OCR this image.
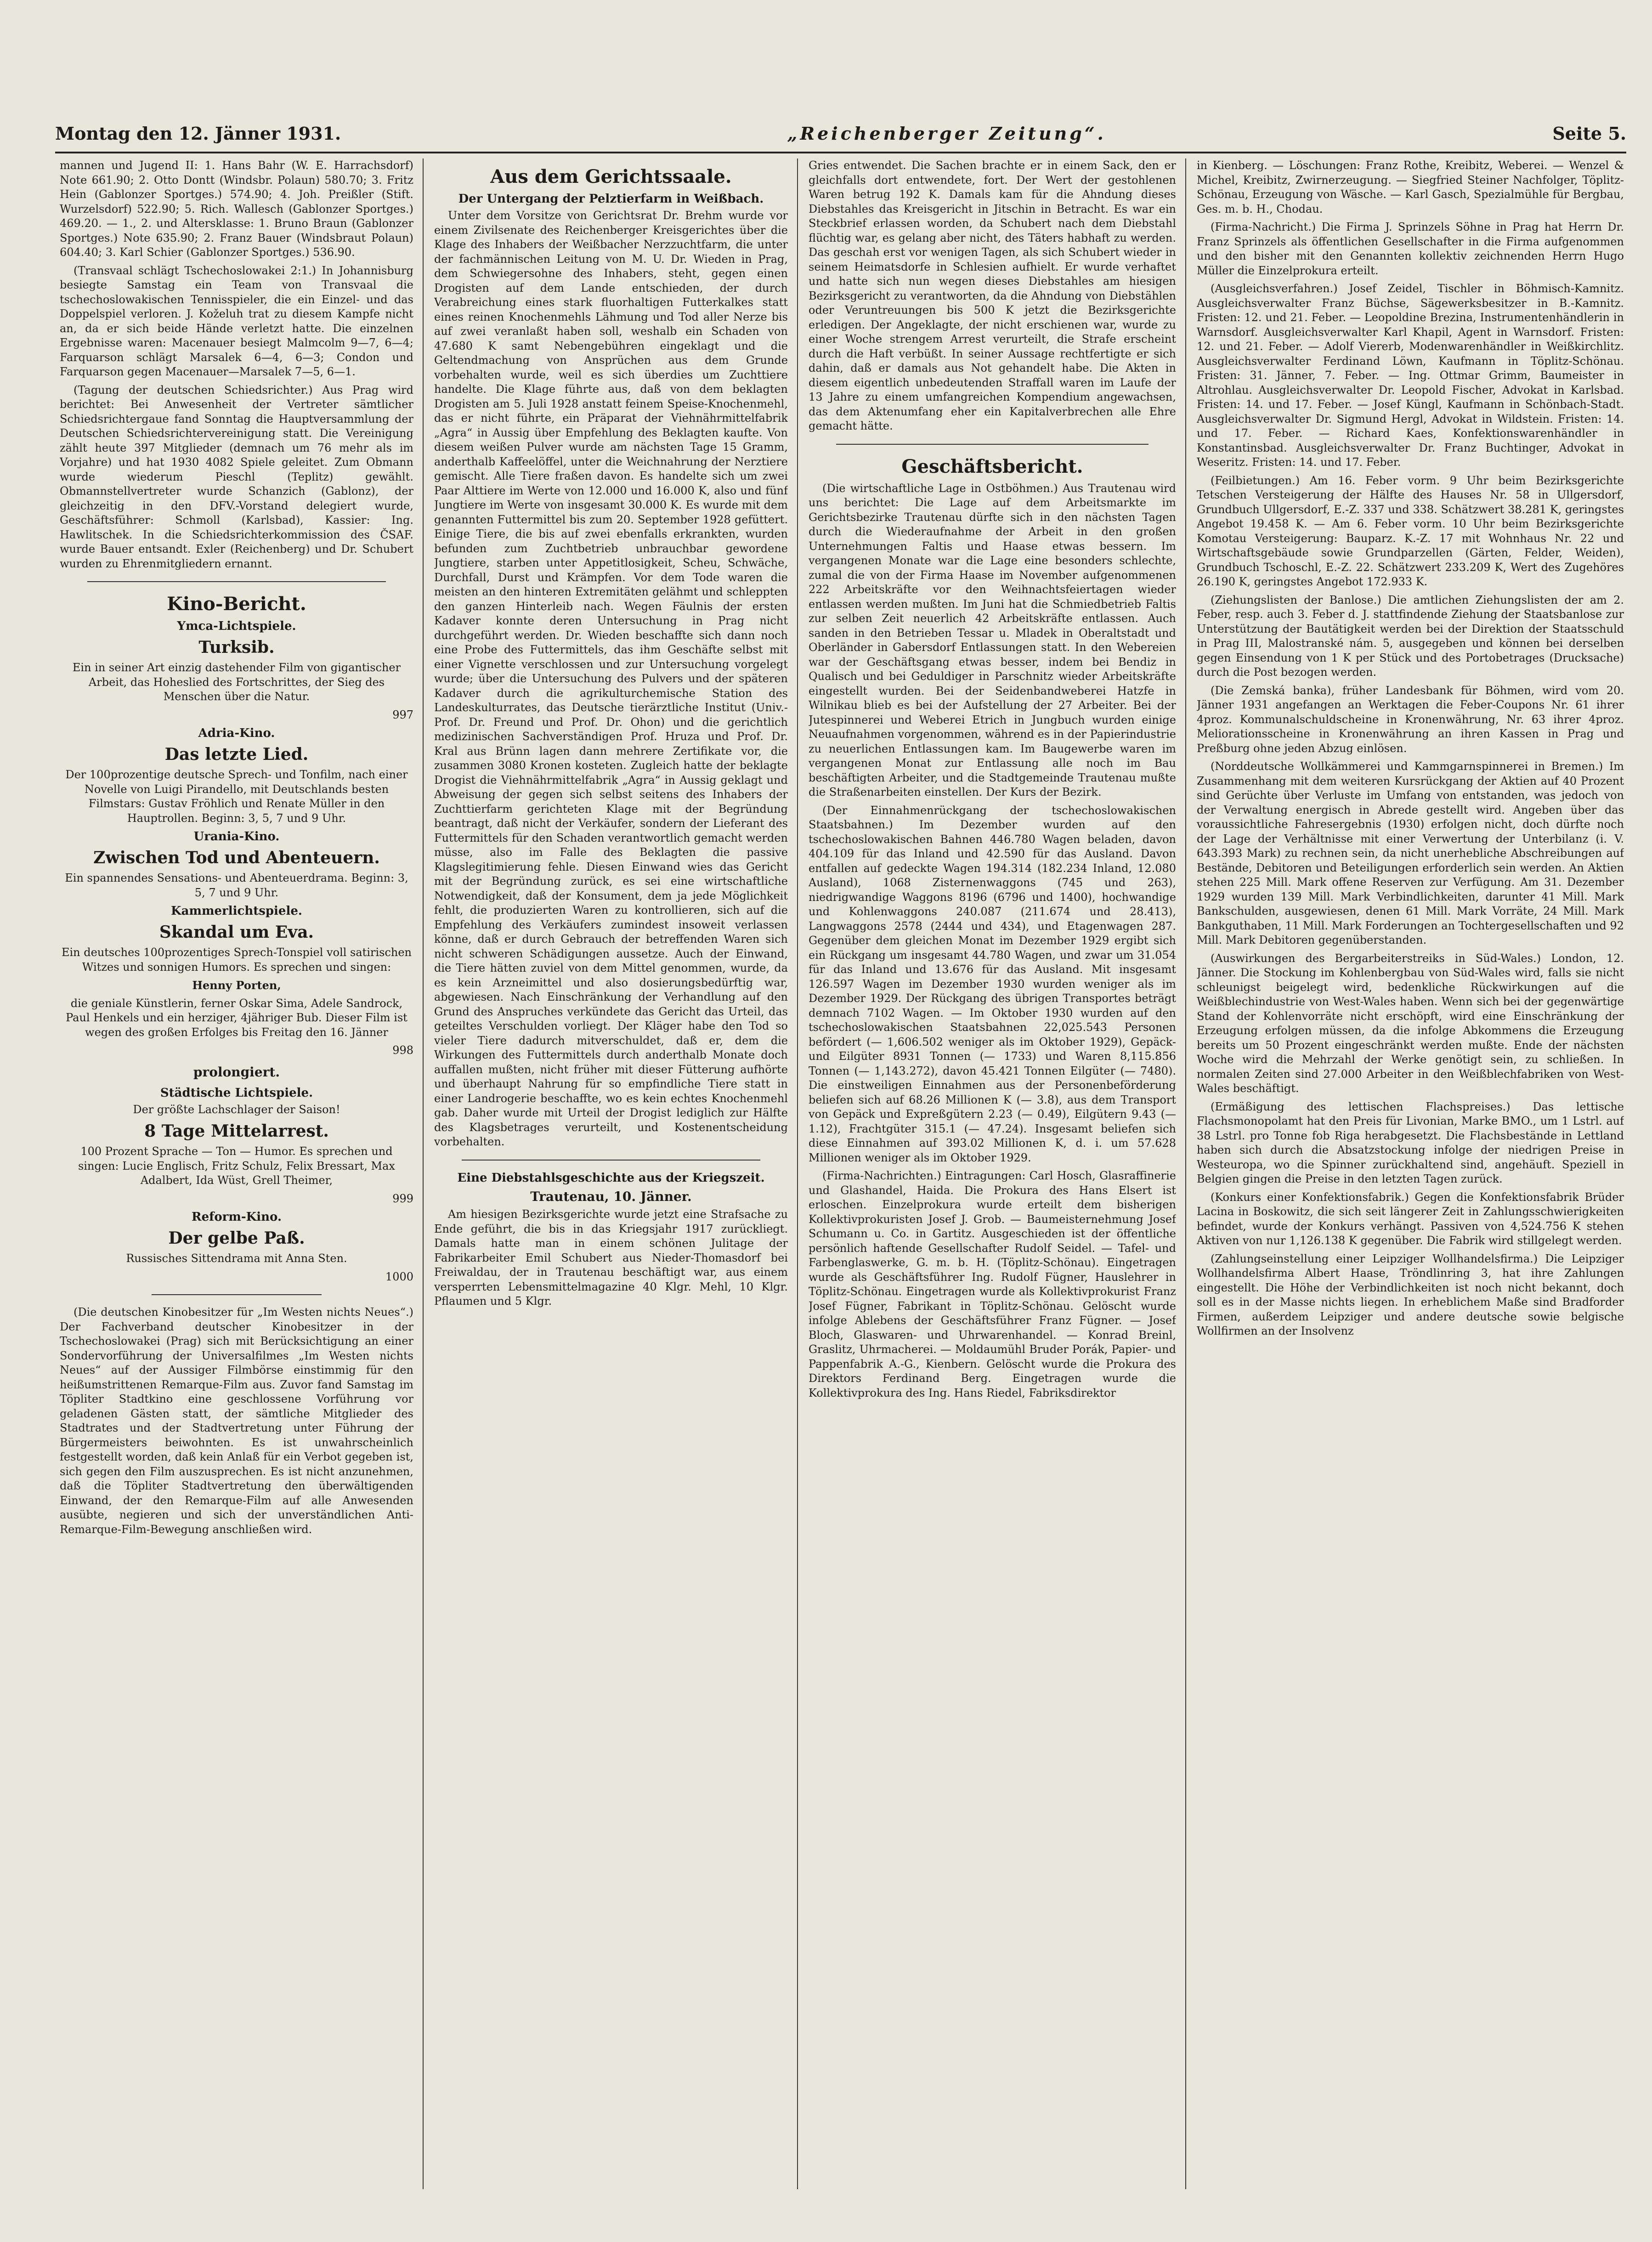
Montag den 12. Jänner 1931.	„Reichenberger Zeitung“.	Seite 5.

mannen und Jugend II: 1. Hans Bahr (W. E. Harrachsdorf) Note 661.90; 2. Otto Dontt (Windsbr. Polaun) 580.70; 3. Fritz Hein (Gablonzer Sportges.) 574.90; 4. Joh. Preißler (Stift. Wurzelsdorf) 522.90; 5. Rich. Wallesch (Gablonzer Sportges.) 469.20. — 1., 2. und Altersklasse: 1. Bruno Braun (Gablonzer Sportges.) Note 635.90; 2. Franz Bauer (Windsbraut Polaun) 604.40; 3. Karl Schier (Gablonzer Sportges.) 536.90.

(Transvaal schlägt Tschechoslowakei 2:1.) In Johannisburg besiegte Samstag ein Team von Transvaal die tschechoslowakischen Tennisspieler, die ein Einzel- und das Doppelspiel verloren. J. Koželuh trat zu diesem Kampfe nicht an, da er sich beide Hände verletzt hatte. Die einzelnen Ergebnisse waren: Macenauer besiegt Malmcolm 9—7, 6—4; Farquarson schlägt Marsalek 6—4, 6—3; Condon und Farquarson gegen Macenauer—Marsalek 7—5, 6—1.

(Tagung der deutschen Schiedsrichter.) Aus Prag wird berichtet: Bei Anwesenheit der Vertreter sämtlicher Schiedsrichtergaue fand Sonntag die Hauptversammlung der Deutschen Schiedsrichtervereinigung statt. Die Vereinigung zählt heute 397 Mitglieder (demnach um 76 mehr als im Vorjahre) und hat 1930 4082 Spiele geleitet. Zum Obmann wurde wiederum Pieschl (Teplitz) gewählt. Obmannstellvertreter wurde Schanzich (Gablonz), der gleichzeitig in den DFV.-Vorstand delegiert wurde, Geschäftsführer: Schmoll (Karlsbad), Kassier: Ing. Hawlitschek. In die Schiedsrichterkommission des ČSAF. wurde Bauer entsandt. Exler (Reichenberg) und Dr. Schubert wurden zu Ehrenmitgliedern ernannt.

Kino-Bericht.
Ymca-Lichtspiele.

Turksib.

Ein in seiner Art einzig dastehender Film von gigantischer Arbeit, das Hoheslied des Fortschrittes, der Sieg des Menschen über die Natur.

997

Adria-Kino.

Das letzte Lied.

Der 100prozentige deutsche Sprech- und Tonfilm, nach einer Novelle von Luigi Pirandello, mit Deutschlands besten Filmstars: Gustav Fröhlich und Renate Müller in den Hauptrollen. Beginn: 3, 5, 7 und 9 Uhr.

Urania-Kino.

Zwischen Tod und Abenteuern.

Ein spannendes Sensations- und Abenteuerdrama. Beginn: 3, 5, 7 und 9 Uhr.

Kammerlichtspiele.

Skandal um Eva.

Ein deutsches 100prozentiges Sprech-Tonspiel voll satirischen Witzes und sonnigen Humors. Es sprechen und singen:

Henny Porten,

die geniale Künstlerin, ferner Oskar Sima, Adele Sandrock, Paul Henkels und ein herziger, 4jähriger Bub. Dieser Film ist wegen des großen Erfolges bis Freitag den 16. Jänner

998

prolongiert.

Städtische Lichtspiele.

Der größte Lachschlager der Saison!

8 Tage Mittelarrest.

100 Prozent Sprache — Ton — Humor. Es sprechen und singen: Lucie Englisch, Fritz Schulz, Felix Bressart, Max Adalbert, Ida Wüst, Grell Theimer,

999

Reform-Kino.

Der gelbe Paß.

Russisches Sittendrama mit Anna Sten.

1000

(Die deutschen Kinobesitzer für „Im Westen nichts Neues“.) Der Fachverband deutscher Kinobesitzer in der Tschechoslowakei (Prag) sich mit Berücksichtigung an einer Sondervorführung der Universalfilmes „Im Westen nichts Neues“ auf der Aussiger Filmbörse einstimmig für den heißumstrittenen Remarque-Film aus. Zuvor fand Samstag im Töpliter Stadtkino eine geschlossene Vorführung vor geladenen Gästen statt, der sämtliche Mitglieder des Stadtrates und der Stadtvertretung unter Führung der Bürgermeisters beiwohnten. Es ist unwahrscheinlich festgestellt worden, daß kein Anlaß für ein Verbot gegeben ist, sich gegen den Film auszusprechen. Es ist nicht anzunehmen, daß die Töpliter Stadtvertretung den überwältigenden Einwand, der den Remarque-Film auf alle Anwesenden ausübte, negieren und sich der unverständlichen Anti-Remarque-Film-Bewegung anschließen wird.

Aus dem Gerichtssaale.
Der Untergang der Pelztierfarm in Weißbach.

Unter dem Vorsitze von Gerichtsrat Dr. Brehm wurde vor einem Zivilsenate des Reichenberger Kreisgerichtes über die Klage des Inhabers der Weißbacher Nerzzuchtfarm, die unter der fachmännischen Leitung von M. U. Dr. Wieden in Prag, dem Schwiegersohne des Inhabers, steht, gegen einen Drogisten auf dem Lande entschieden, der durch Verabreichung eines stark fluorhaltigen Futterkalkes statt eines reinen Knochenmehls Lähmung und Tod aller Nerze bis auf zwei veranlaßt haben soll, weshalb ein Schaden von 47.680 K samt Nebengebühren eingeklagt und die Geltendmachung von Ansprüchen aus dem Grunde vorbehalten wurde, weil es sich überdies um Zuchttiere handelte. Die Klage führte aus, daß von dem beklagten Drogisten am 5. Juli 1928 anstatt feinem Speise-Knochenmehl, das er nicht führte, ein Präparat der Viehnährmittelfabrik „Agra“ in Aussig über Empfehlung des Beklagten kaufte. Von diesem weißen Pulver wurde am nächsten Tage 15 Gramm, anderthalb Kaffeelöffel, unter die Weichnahrung der Nerztiere gemischt. Alle Tiere fraßen davon. Es handelte sich um zwei Paar Alttiere im Werte von 12.000 und 16.000 K, also und fünf Jungtiere im Werte von insgesamt 30.000 K. Es wurde mit dem genannten Futtermittel bis zum 20. September 1928 gefüttert. Einige Tiere, die bis auf zwei ebenfalls erkrankten, wurden befunden zum Zuchtbetrieb unbrauchbar gewordene Jungtiere, starben unter Appetitlosigkeit, Scheu, Schwäche, Durchfall, Durst und Krämpfen. Vor dem Tode waren die meisten an den hinteren Extremitäten gelähmt und schleppten den ganzen Hinterleib nach. Wegen Fäulnis der ersten Kadaver konnte deren Untersuchung in Prag nicht durchgeführt werden. Dr. Wieden beschaffte sich dann noch eine Probe des Futtermittels, das ihm Geschäfte selbst mit einer Vignette verschlossen und zur Untersuchung vorgelegt wurde; über die Untersuchung des Pulvers und der späteren Kadaver durch die agrikulturchemische Station des Landeskulturrates, das Deutsche tierärztliche Institut (Univ.-Prof. Dr. Freund und Prof. Dr. Ohon) und die gerichtlich medizinischen Sachverständigen Prof. Hruza und Prof. Dr. Kral aus Brünn lagen dann mehrere Zertifikate vor, die zusammen 3080 Kronen kosteten. Zugleich hatte der beklagte Drogist die Viehnährmittelfabrik „Agra“ in Aussig geklagt und Abweisung der gegen sich selbst seitens des Inhabers der Zuchttierfarm gerichteten Klage mit der Begründung beantragt, daß nicht der Verkäufer, sondern der Lieferant des Futtermittels für den Schaden verantwortlich gemacht werden müsse, also im Falle des Beklagten die passive Klagslegitimierung fehle. Diesen Einwand wies das Gericht mit der Begründung zurück, es sei eine wirtschaftliche Notwendigkeit, daß der Konsument, dem ja jede Möglichkeit fehlt, die produzierten Waren zu kontrollieren, sich auf die Empfehlung des Verkäufers zumindest insoweit verlassen könne, daß er durch Gebrauch der betreffenden Waren sich nicht schweren Schädigungen aussetze. Auch der Einwand, die Tiere hätten zuviel von dem Mittel genommen, wurde, da es kein Arzneimittel und also dosierungsbedürftig war, abgewiesen. Nach Einschränkung der Verhandlung auf den Grund des Anspruches verkündete das Gericht das Urteil, das geteiltes Verschulden vorliegt. Der Kläger habe den Tod so vieler Tiere dadurch mitverschuldet, daß er, dem die Wirkungen des Futtermittels durch anderthalb Monate doch auffallen mußten, nicht früher mit dieser Fütterung aufhörte und überhaupt Nahrung für so empfindliche Tiere statt in einer Landrogerie beschaffte, wo es kein echtes Knochenmehl gab. Daher wurde mit Urteil der Drogist lediglich zur Hälfte des Klagsbetrages verurteilt, und Kostenentscheidung vorbehalten.

Eine Diebstahlsgeschichte aus der Kriegszeit.
Trautenau, 10. Jänner.

Am hiesigen Bezirksgerichte wurde jetzt eine Strafsache zu Ende geführt, die bis in das Kriegsjahr 1917 zurückliegt. Damals hatte man in einem schönen Julitage der Fabrikarbeiter Emil Schubert aus Nieder-Thomasdorf bei Freiwaldau, der in Trautenau beschäftigt war, aus einem versperrten Lebensmittelmagazine 40 Klgr. Mehl, 10 Klgr. Pflaumen und 5 Klgr.

Gries entwendet. Die Sachen brachte er in einem Sack, den er gleichfalls dort entwendete, fort. Der Wert der gestohlenen Waren betrug 192 K. Damals kam für die Ahndung dieses Diebstahles das Kreisgericht in Jitschin in Betracht. Es war ein Steckbrief erlassen worden, da Schubert nach dem Diebstahl flüchtig war, es gelang aber nicht, des Täters habhaft zu werden. Das geschah erst vor wenigen Tagen, als sich Schubert wieder in seinem Heimatsdorfe in Schlesien aufhielt. Er wurde verhaftet und hatte sich nun wegen dieses Diebstahles am hiesigen Bezirksgericht zu verantworten, da die Ahndung von Diebstählen oder Veruntreuungen bis 500 K jetzt die Bezirksgerichte erledigen. Der Angeklagte, der nicht erschienen war, wurde zu einer Woche strengem Arrest verurteilt, die Strafe erscheint durch die Haft verbüßt. In seiner Aussage rechtfertigte er sich dahin, daß er damals aus Not gehandelt habe. Die Akten in diesem eigentlich unbedeutenden Straffall waren im Laufe der 13 Jahre zu einem umfangreichen Kompendium angewachsen, das dem Aktenumfang eher ein Kapitalverbrechen alle Ehre gemacht hätte.

Geschäftsbericht.

(Die wirtschaftliche Lage in Ostböhmen.) Aus Trautenau wird uns berichtet: Die Lage auf dem Arbeitsmarkte im Gerichtsbezirke Trautenau dürfte sich in den nächsten Tagen durch die Wiederaufnahme der Arbeit in den großen Unternehmungen Faltis und Haase etwas bessern. Im vergangenen Monate war die Lage eine besonders schlechte, zumal die von der Firma Haase im November aufgenommenen 222 Arbeitskräfte vor den Weihnachtsfeiertagen wieder entlassen werden mußten. Im Juni hat die Schmiedbetrieb Faltis zur selben Zeit neuerlich 42 Arbeitskräfte entlassen. Auch sanden in den Betrieben Tessar u. Mladek in Oberaltstadt und Oberländer in Gabersdorf Entlassungen statt. In den Webereien war der Geschäftsgang etwas besser, indem bei Bendiz in Qualisch und bei Geduldiger in Parschnitz wieder Arbeitskräfte eingestellt wurden. Bei der Seidenbandweberei Hatzfe in Wilnikau blieb es bei der Aufstellung der 27 Arbeiter. Bei der Jutespinnerei und Weberei Etrich in Jungbuch wurden einige Neuaufnahmen vorgenommen, während es in der Papierindustrie zu neuerlichen Entlassungen kam. Im Baugewerbe waren im vergangenen Monat zur Entlassung alle noch im Bau beschäftigten Arbeiter, und die Stadtgemeinde Trautenau mußte die Straßenarbeiten einstellen. Der Kurs der Bezirk.

(Der Einnahmenrückgang der tschechoslowakischen Staatsbahnen.) Im Dezember wurden auf den tschechoslowakischen Bahnen 446.780 Wagen beladen, davon 404.109 für das Inland und 42.590 für das Ausland. Davon entfallen auf gedeckte Wagen 194.314 (182.234 Inland, 12.080 Ausland), 1068 Zisternenwaggons (745 und 263), niedrigwandige Waggons 8196 (6796 und 1400), hochwandige und Kohlenwaggons 240.087 (211.674 und 28.413), Langwaggons 2578 (2444 und 434), und Etagenwagen 287. Gegenüber dem gleichen Monat im Dezember 1929 ergibt sich ein Rückgang um insgesamt 44.780 Wagen, und zwar um 31.054 für das Inland und 13.676 für das Ausland. Mit insgesamt 126.597 Wagen im Dezember 1930 wurden weniger als im Dezember 1929. Der Rückgang des übrigen Transportes beträgt demnach 7102 Wagen. — Im Oktober 1930 wurden auf den tschechoslowakischen Staatsbahnen 22,025.543 Personen befördert (— 1,606.502 weniger als im Oktober 1929), Gepäck- und Eilgüter 8931 Tonnen (— 1733) und Waren 8,115.856 Tonnen (— 1,143.272), davon 45.421 Tonnen Eilgüter (— 7480). Die einstweiligen Einnahmen aus der Personenbeförderung beliefen sich auf 68.26 Millionen K (— 3.8), aus dem Transport von Gepäck und Expreßgütern 2.23 (— 0.49), Eilgütern 9.43 (— 1.12), Frachtgüter 315.1 (— 47.24). Insgesamt beliefen sich diese Einnahmen auf 393.02 Millionen K, d. i. um 57.628 Millionen weniger als im Oktober 1929.

(Firma-Nachrichten.) Eintragungen: Carl Hosch, Glasraffinerie und Glashandel, Haida. Die Prokura des Hans Elsert ist erloschen. Einzelprokura wurde erteilt dem bisherigen Kollektivprokuristen Josef J. Grob. — Baumeisternehmung Josef Schumann u. Co. in Gartitz. Ausgeschieden ist der öffentliche persönlich haftende Gesellschafter Rudolf Seidel. — Tafel- und Farbenglaswerke, G. m. b. H. (Töplitz-Schönau). Eingetragen wurde als Geschäftsführer Ing. Rudolf Fügner, Hauslehrer in Töplitz-Schönau. Eingetragen wurde als Kollektivprokurist Franz Josef Fügner, Fabrikant in Töplitz-Schönau. Gelöscht wurde infolge Ablebens der Geschäftsführer Franz Fügner. — Josef Bloch, Glaswaren- und Uhrwarenhandel. — Konrad Breinl, Graslitz, Uhrmacherei. — Moldaumühl Bruder Porák, Papier- und Pappenfabrik A.-G., Kienbern. Gelöscht wurde die Prokura des Direktors Ferdinand Berg. Eingetragen wurde die Kollektivprokura des Ing. Hans Riedel, Fabriksdirektor

in Kienberg. — Löschungen: Franz Rothe, Kreibitz, Weberei. — Wenzel & Michel, Kreibitz, Zwirnerzeugung. — Siegfried Steiner Nachfolger, Töplitz-Schönau, Erzeugung von Wäsche. — Karl Gasch, Spezialmühle für Bergbau, Ges. m. b. H., Chodau.

(Firma-Nachricht.) Die Firma J. Sprinzels Söhne in Prag hat Herrn Dr. Franz Sprinzels als öffentlichen Gesellschafter in die Firma aufgenommen und den bisher mit den Genannten kollektiv zeichnenden Herrn Hugo Müller die Einzelprokura erteilt.

(Ausgleichsverfahren.) Josef Zeidel, Tischler in Böhmisch-Kamnitz. Ausgleichsverwalter Franz Büchse, Sägewerksbesitzer in B.-Kamnitz. Fristen: 12. und 21. Feber. — Leopoldine Brezina, Instrumentenhändlerin in Warnsdorf. Ausgleichsverwalter Karl Khapil, Agent in Warnsdorf. Fristen: 12. und 21. Feber. — Adolf Viererb, Modenwarenhändler in Weißkirchlitz. Ausgleichsverwalter Ferdinand Löwn, Kaufmann in Töplitz-Schönau. Fristen: 31. Jänner, 7. Feber. — Ing. Ottmar Grimm, Baumeister in Altrohlau. Ausgleichsverwalter Dr. Leopold Fischer, Advokat in Karlsbad. Fristen: 14. und 17. Feber. — Josef Küngl, Kaufmann in Schönbach-Stadt. Ausgleichsverwalter Dr. Sigmund Hergl, Advokat in Wildstein. Fristen: 14. und 17. Feber. — Richard Kaes, Konfektionswarenhändler in Konstantinsbad. Ausgleichsverwalter Dr. Franz Buchtinger, Advokat in Weseritz. Fristen: 14. und 17. Feber.

(Feilbietungen.) Am 16. Feber vorm. 9 Uhr beim Bezirksgerichte Tetschen Versteigerung der Hälfte des Hauses Nr. 58 in Ullgersdorf, Grundbuch Ullgersdorf, E.-Z. 337 und 338. Schätzwert 38.281 K, geringstes Angebot 19.458 K. — Am 6. Feber vorm. 10 Uhr beim Bezirksgerichte Komotau Versteigerung: Bauparz. K.-Z. 17 mit Wohnhaus Nr. 22 und Wirtschaftsgebäude sowie Grundparzellen (Gärten, Felder, Weiden), Grundbuch Tschoschl, E.-Z. 22. Schätzwert 233.209 K, Wert des Zugehöres 26.190 K, geringstes Angebot 172.933 K.

(Ziehungslisten der Banlose.) Die amtlichen Ziehungslisten der am 2. Feber, resp. auch 3. Feber d. J. stattfindende Ziehung der Staatsbanlose zur Unterstützung der Bautätigkeit werden bei der Direktion der Staatsschuld in Prag III, Malostranské nám. 5, ausgegeben und können bei derselben gegen Einsendung von 1 K per Stück und des Portobetrages (Drucksache) durch die Post bezogen werden.

(Die Zemská banka), früher Landesbank für Böhmen, wird vom 20. Jänner 1931 angefangen an Werktagen die Feber-Coupons Nr. 61 ihrer 4proz. Kommunalschuldscheine in Kronenwährung, Nr. 63 ihrer 4proz. Meliorationsscheine in Kronenwährung an ihren Kassen in Prag und Preßburg ohne jeden Abzug einlösen.

(Norddeutsche Wollkämmerei und Kammgarnspinnerei in Bremen.) Im Zusammenhang mit dem weiteren Kursrückgang der Aktien auf 40 Prozent sind Gerüchte über Verluste im Umfang von entstanden, was jedoch von der Verwaltung energisch in Abrede gestellt wird. Angeben über das voraussichtliche Fahresergebnis (1930) erfolgen nicht, doch dürfte noch der Lage der Verhältnisse mit einer Verwertung der Unterbilanz (i. V. 643.393 Mark) zu rechnen sein, da nicht unerhebliche Abschreibungen auf Bestände, Debitoren und Beteiligungen erforderlich sein werden. An Aktien stehen 225 Mill. Mark offene Reserven zur Verfügung. Am 31. Dezember 1929 wurden 139 Mill. Mark Verbindlichkeiten, darunter 41 Mill. Mark Bankschulden, ausgewiesen, denen 61 Mill. Mark Vorräte, 24 Mill. Mark Bankguthaben, 11 Mill. Mark Forderungen an Tochtergesellschaften und 92 Mill. Mark Debitoren gegenüberstanden.

(Auswirkungen des Bergarbeiterstreiks in Süd-Wales.) London, 12. Jänner. Die Stockung im Kohlenbergbau von Süd-Wales wird, falls sie nicht schleunigst beigelegt wird, bedenkliche Rückwirkungen auf die Weißblechindustrie von West-Wales haben. Wenn sich bei der gegenwärtige Stand der Kohlenvorräte nicht erschöpft, wird eine Einschränkung der Erzeugung erfolgen müssen, da die infolge Abkommens die Erzeugung bereits um 50 Prozent eingeschränkt werden mußte. Ende der nächsten Woche wird die Mehrzahl der Werke genötigt sein, zu schließen. In normalen Zeiten sind 27.000 Arbeiter in den Weißblechfabriken von West-Wales beschäftigt.

(Ermäßigung des lettischen Flachspreises.) Das lettische Flachsmonopolamt hat den Preis für Livonian, Marke BMO., um 1 Lstrl. auf 38 Lstrl. pro Tonne fob Riga herabgesetzt. Die Flachsbestände in Lettland haben sich durch die Absatzstockung infolge der niedrigen Preise in Westeuropa, wo die Spinner zurückhaltend sind, angehäuft. Speziell in Belgien gingen die Preise in den letzten Tagen zurück.

(Konkurs einer Konfektionsfabrik.) Gegen die Konfektionsfabrik Brüder Lacina in Boskowitz, die sich seit längerer Zeit in Zahlungsschwierigkeiten befindet, wurde der Konkurs verhängt. Passiven von 4,524.756 K stehen Aktiven von nur 1,126.138 K gegenüber. Die Fabrik wird stillgelegt werden.

(Zahlungseinstellung einer Leipziger Wollhandelsfirma.) Die Leipziger Wollhandelsfirma Albert Haase, Tröndlinring 3, hat ihre Zahlungen eingestellt. Die Höhe der Verbindlichkeiten ist noch nicht bekannt, doch soll es in der Masse nichts liegen. In erheblichem Maße sind Bradforder Firmen, außerdem Leipziger und andere deutsche sowie belgische Wollfirmen an der Insolvenz
